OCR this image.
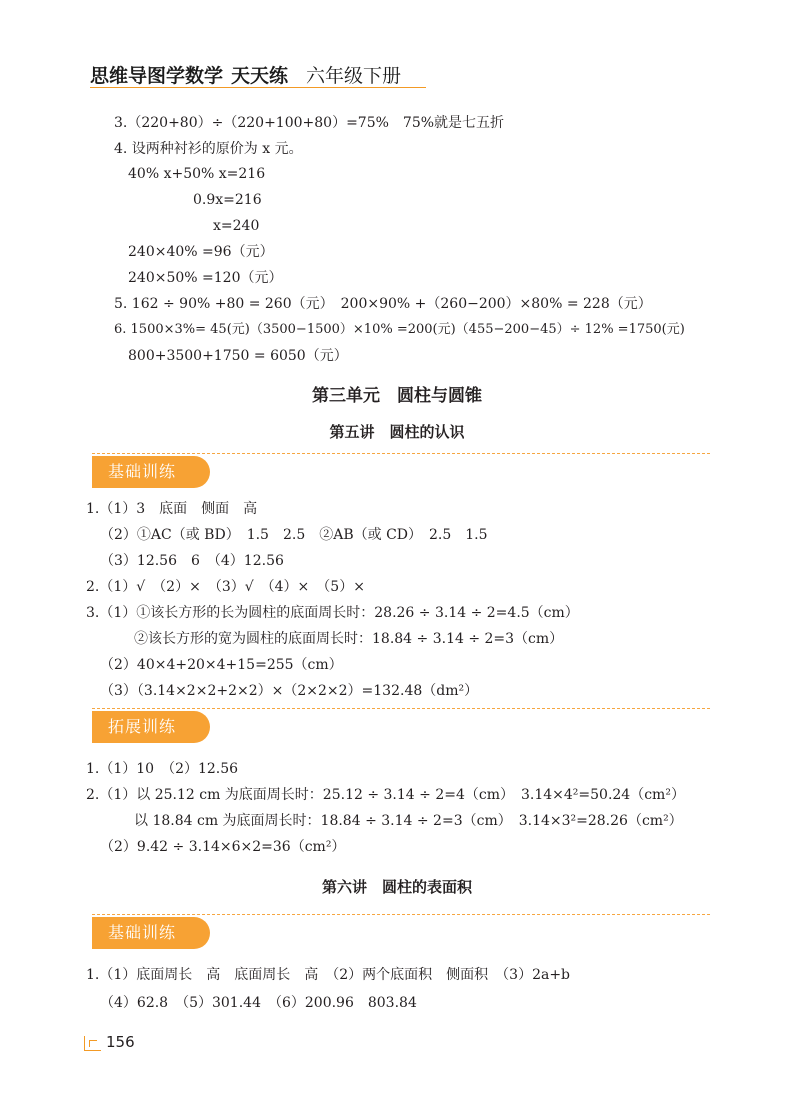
思维导图学数学 天天练 六年级下册
3.（220+80）÷（220+100+80）=75%　75%就是七五折
4. 设两种衬衫的原价为 x 元。
40% x+50% x=216
0.9x=216
x=240
240×40% =96（元）
240×50% =120（元）
5. 162 ÷ 90% +80 = 260（元）　200×90% +（260−200）×80% = 228（元）
6. 1500×3%= 45(元)（3500−1500）×10% =200(元)（455−200−45）÷ 12% =1750(元)
800+3500+1750 = 6050（元）
第三单元　圆柱与圆锥
第五讲　圆柱的认识
基础训练
1.（1）3　底面　侧面　高
（2）①AC（或 BD）　1.5　2.5　②AB（或 CD）　2.5　1.5
（3）12.56　6　（4）12.56
2.（1）√　（2）×　（3）√　（4）×　（5）×
3.（1）①该长方形的长为圆柱的底面周长时：28.26 ÷ 3.14 ÷ 2=4.5（cm）
②该长方形的宽为圆柱的底面周长时：18.84 ÷ 3.14 ÷ 2=3（cm）
（2）40×4+20×4+15=255（cm）
（3）（3.14×2×2+2×2）×（2×2×2）=132.48（dm²）
拓展训练
1.（1）10　（2）12.56
2.（1）以 25.12 cm 为底面周长时：25.12 ÷ 3.14 ÷ 2=4（cm）　3.14×4²=50.24（cm²）
以 18.84 cm 为底面周长时：18.84 ÷ 3.14 ÷ 2=3（cm）　3.14×3²=28.26（cm²）
（2）9.42 ÷ 3.14×6×2=36（cm²）
第六讲　圆柱的表面积
基础训练
1.（1）底面周长　高　底面周长　高　（2）两个底面积　侧面积　（3）2a+b
（4）62.8　（5）301.44　（6）200.96　803.84
156
